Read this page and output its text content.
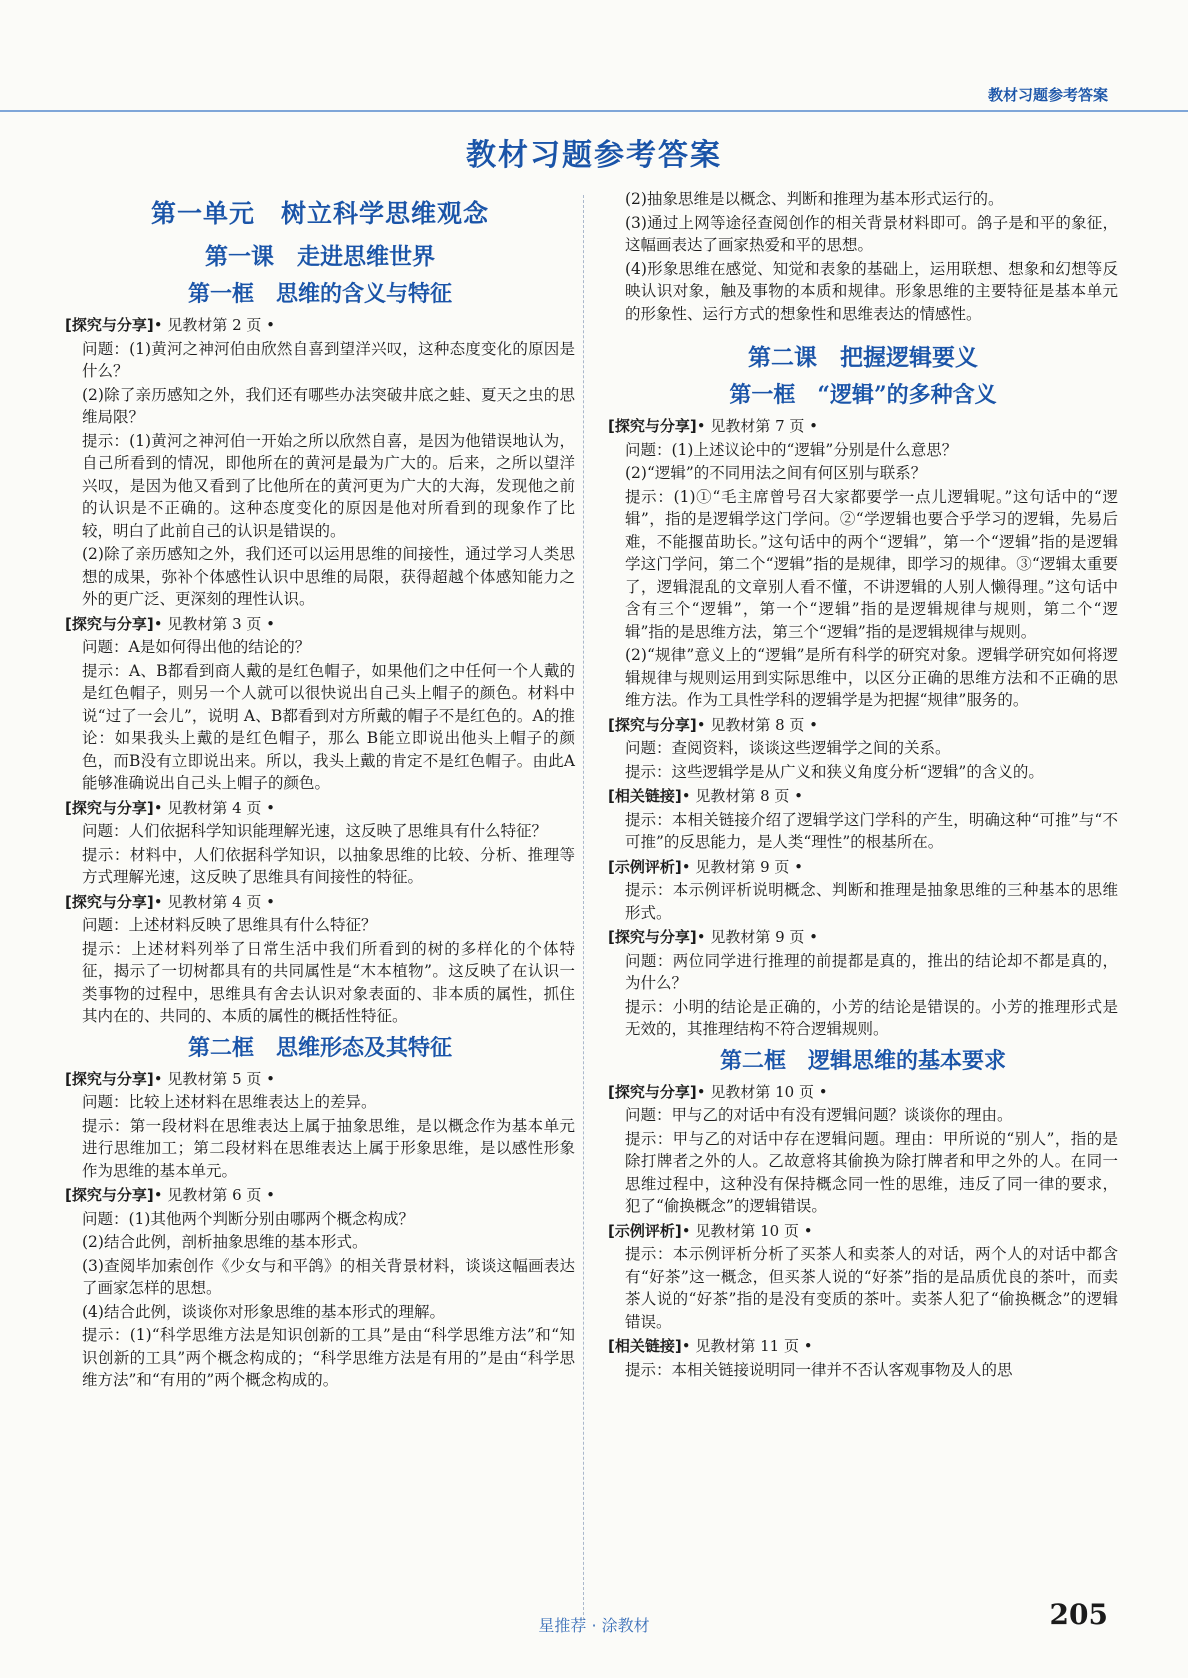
教材习题参考答案
教材习题参考答案
第一单元　树立科学思维观念
第一课　走进思维世界
第一框　思维的含义与特征
[探究与分享]• 见教材第 2 页 •
问题：(1)黄河之神河伯由欣然自喜到望洋兴叹，这种态度变化的原因是什么？
(2)除了亲历感知之外，我们还有哪些办法突破井底之蛙、夏天之虫的思维局限？
提示：(1)黄河之神河伯一开始之所以欣然自喜，是因为他错误地认为，自己所看到的情况，即他所在的黄河是最为广大的。后来，之所以望洋兴叹，是因为他又看到了比他所在的黄河更为广大的大海，发现他之前的认识是不正确的。这种态度变化的原因是他对所看到的现象作了比较，明白了此前自己的认识是错误的。
(2)除了亲历感知之外，我们还可以运用思维的间接性，通过学习人类思想的成果，弥补个体感性认识中思维的局限，获得超越个体感知能力之外的更广泛、更深刻的理性认识。
[探究与分享]• 见教材第 3 页 •
问题：A是如何得出他的结论的？
提示：A、B都看到商人戴的是红色帽子，如果他们之中任何一个人戴的是红色帽子，则另一个人就可以很快说出自己头上帽子的颜色。材料中说“过了一会儿”，说明 A、B都看到对方所戴的帽子不是红色的。A的推论：如果我头上戴的是红色帽子，那么 B能立即说出他头上帽子的颜色，而B没有立即说出来。所以，我头上戴的肯定不是红色帽子。由此A能够准确说出自己头上帽子的颜色。
[探究与分享]• 见教材第 4 页 •
问题：人们依据科学知识能理解光速，这反映了思维具有什么特征？
提示：材料中，人们依据科学知识，以抽象思维的比较、分析、推理等方式理解光速，这反映了思维具有间接性的特征。
[探究与分享]• 见教材第 4 页 •
问题：上述材料反映了思维具有什么特征？
提示：上述材料列举了日常生活中我们所看到的树的多样化的个体特征，揭示了一切树都具有的共同属性是“木本植物”。这反映了在认识一类事物的过程中，思维具有舍去认识对象表面的、非本质的属性，抓住其内在的、共同的、本质的属性的概括性特征。
第二框　思维形态及其特征
[探究与分享]• 见教材第 5 页 •
问题：比较上述材料在思维表达上的差异。
提示：第一段材料在思维表达上属于抽象思维，是以概念作为基本单元进行思维加工；第二段材料在思维表达上属于形象思维，是以感性形象作为思维的基本单元。
[探究与分享]• 见教材第 6 页 •
问题：(1)其他两个判断分别由哪两个概念构成？
(2)结合此例，剖析抽象思维的基本形式。
(3)查阅毕加索创作《少女与和平鸽》的相关背景材料，谈谈这幅画表达了画家怎样的思想。
(4)结合此例，谈谈你对形象思维的基本形式的理解。
提示：(1)“科学思维方法是知识创新的工具”是由“科学思维方法”和“知识创新的工具”两个概念构成的；“科学思维方法是有用的”是由“科学思维方法”和“有用的”两个概念构成的。
(2)抽象思维是以概念、判断和推理为基本形式运行的。
(3)通过上网等途径查阅创作的相关背景材料即可。鸽子是和平的象征，这幅画表达了画家热爱和平的思想。
(4)形象思维在感觉、知觉和表象的基础上，运用联想、想象和幻想等反映认识对象，触及事物的本质和规律。形象思维的主要特征是基本单元的形象性、运行方式的想象性和思维表达的情感性。
第二课　把握逻辑要义
第一框　“逻辑”的多种含义
[探究与分享]• 见教材第 7 页 •
问题：(1)上述议论中的“逻辑”分别是什么意思？
(2)“逻辑”的不同用法之间有何区别与联系？
提示：(1)①“毛主席曾号召大家都要学一点儿逻辑呢。”这句话中的“逻辑”，指的是逻辑学这门学问。②“学逻辑也要合乎学习的逻辑，先易后难，不能揠苗助长。”这句话中的两个“逻辑”，第一个“逻辑”指的是逻辑学这门学问，第二个“逻辑”指的是规律，即学习的规律。③“逻辑太重要了，逻辑混乱的文章别人看不懂，不讲逻辑的人别人懒得理。”这句话中含有三个“逻辑”，第一个“逻辑”指的是逻辑规律与规则，第二个“逻辑”指的是思维方法，第三个“逻辑”指的是逻辑规律与规则。
(2)“规律”意义上的“逻辑”是所有科学的研究对象。逻辑学研究如何将逻辑规律与规则运用到实际思维中，以区分正确的思维方法和不正确的思维方法。作为工具性学科的逻辑学是为把握“规律”服务的。
[探究与分享]• 见教材第 8 页 •
问题：查阅资料，谈谈这些逻辑学之间的关系。
提示：这些逻辑学是从广义和狭义角度分析“逻辑”的含义的。
[相关链接]• 见教材第 8 页 •
提示：本相关链接介绍了逻辑学这门学科的产生，明确这种“可推”与“不可推”的反思能力，是人类“理性”的根基所在。
[示例评析]• 见教材第 9 页 •
提示：本示例评析说明概念、判断和推理是抽象思维的三种基本的思维形式。
[探究与分享]• 见教材第 9 页 •
问题：两位同学进行推理的前提都是真的，推出的结论却不都是真的，为什么？
提示：小明的结论是正确的，小芳的结论是错误的。小芳的推理形式是无效的，其推理结构不符合逻辑规则。
第二框　逻辑思维的基本要求
[探究与分享]• 见教材第 10 页 •
问题：甲与乙的对话中有没有逻辑问题？谈谈你的理由。
提示：甲与乙的对话中存在逻辑问题。理由：甲所说的“别人”，指的是除打牌者之外的人。乙故意将其偷换为除打牌者和甲之外的人。在同一思维过程中，这种没有保持概念同一性的思维，违反了同一律的要求，犯了“偷换概念”的逻辑错误。
[示例评析]• 见教材第 10 页 •
提示：本示例评析分析了买茶人和卖茶人的对话，两个人的对话中都含有“好茶”这一概念，但买茶人说的“好茶”指的是品质优良的茶叶，而卖茶人说的“好茶”指的是没有变质的茶叶。卖茶人犯了“偷换概念”的逻辑错误。
[相关链接]• 见教材第 11 页 •
提示：本相关链接说明同一律并不否认客观事物及人的思
星推荐 · 涂教材	205
